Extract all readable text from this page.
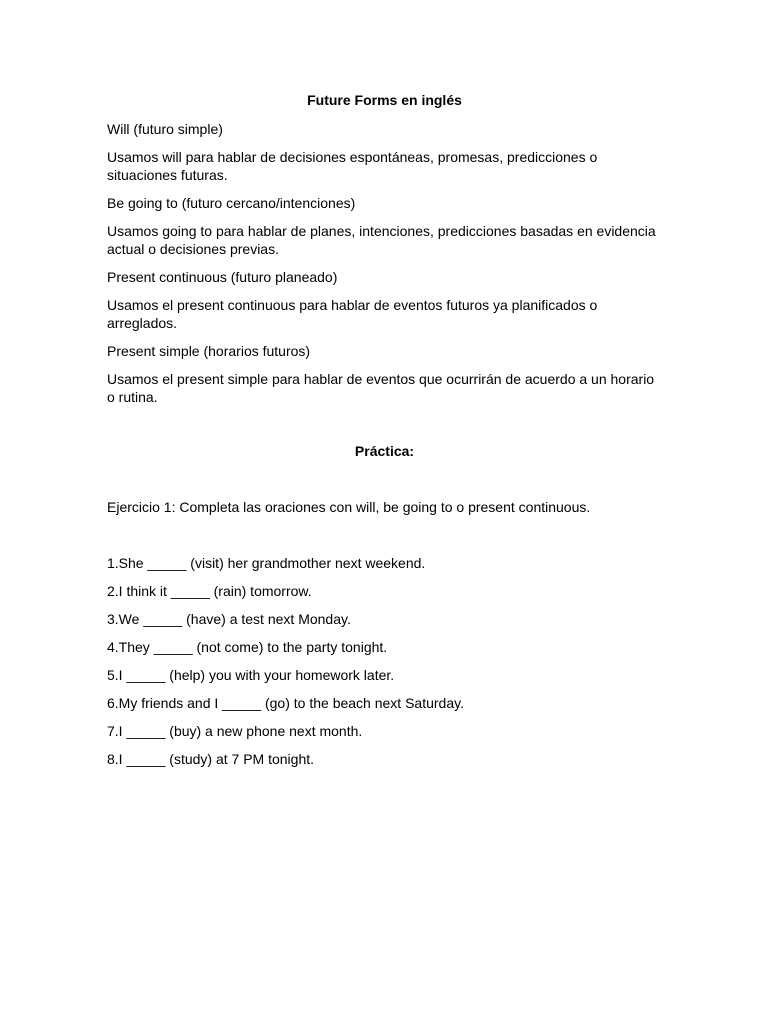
Future Forms en inglés
Will (futuro simple)
Usamos will para hablar de decisiones espontáneas, promesas, predicciones o situaciones futuras.
Be going to (futuro cercano/intenciones)
Usamos going to para hablar de planes, intenciones, predicciones basadas en evidencia actual o decisiones previas.
Present continuous (futuro planeado)
Usamos el present continuous para hablar de eventos futuros ya planificados o arreglados.
Present simple (horarios futuros)
Usamos el present simple para hablar de eventos que ocurrirán de acuerdo a un horario o rutina.
Práctica:
Ejercicio 1: Completa las oraciones con will, be going to o present continuous.
1.She _____ (visit) her grandmother next weekend.
2.I think it _____ (rain) tomorrow.
3.We _____ (have) a test next Monday.
4.They _____ (not come) to the party tonight.
5.I _____ (help) you with your homework later.
6.My friends and I _____ (go) to the beach next Saturday.
7.I _____ (buy) a new phone next month.
8.I _____ (study) at 7 PM tonight.
